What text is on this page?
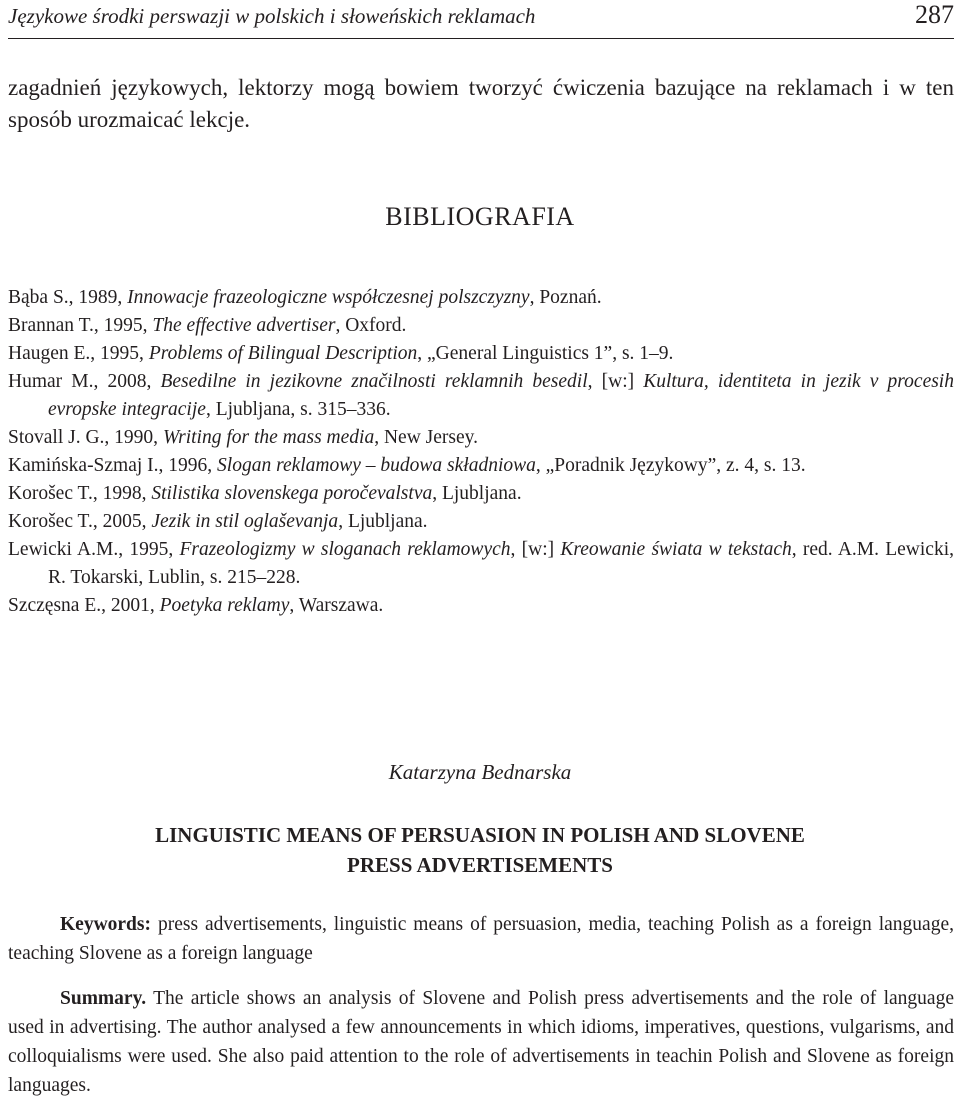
Językowe środki perswazji w polskich i słoweńskich reklamach	287

zagadnień językowych, lektorzy mogą bowiem tworzyć ćwiczenia bazujące na reklamach i w ten sposób urozmaicać lekcje.

BIBLIOGRAFIA
Bąba S., 1989, Innowacje frazeologiczne współczesnej polszczyzny, Poznań.
Brannan T., 1995, The effective advertiser, Oxford.
Haugen E., 1995, Problems of Bilingual Description, „General Linguistics 1”, s. 1–9.
Humar M., 2008, Besedilne in jezikovne značilnosti reklamnih besedil, [w:] Kultura, identiteta in jezik v procesih evropske integracije, Ljubljana, s. 315–336.
Stovall J. G., 1990, Writing for the mass media, New Jersey.
Kamińska-Szmaj I., 1996, Slogan reklamowy – budowa składniowa, „Poradnik Językowy”, z. 4, s. 13.
Korošec T., 1998, Stilistika slovenskega poročevalstva, Ljubljana.
Korošec T., 2005, Jezik in stil oglaševanja, Ljubljana.
Lewicki A.M., 1995, Frazeologizmy w sloganach reklamowych, [w:] Kreowanie świata w tekstach, red. A.M. Lewicki, R. Tokarski, Lublin, s. 215–228.
Szczęsna E., 2001, Poetyka reklamy, Warszawa.
Katarzyna Bednarska
LINGUISTIC MEANS OF PERSUASION IN POLISH AND SLOVENE
PRESS ADVERTISEMENTS

Keywords: press advertisements, linguistic means of persuasion, media, teaching Polish as a foreign language, teaching Slovene as a foreign language

Summary. The article shows an analysis of Slovene and Polish press advertisements and the role of language used in advertising. The author analysed a few announcements in which idioms, imperatives, questions, vulgarisms, and colloquialisms were used. She also paid attention to the role of advertisements in teachin Polish and Slovene as foreign languages.
